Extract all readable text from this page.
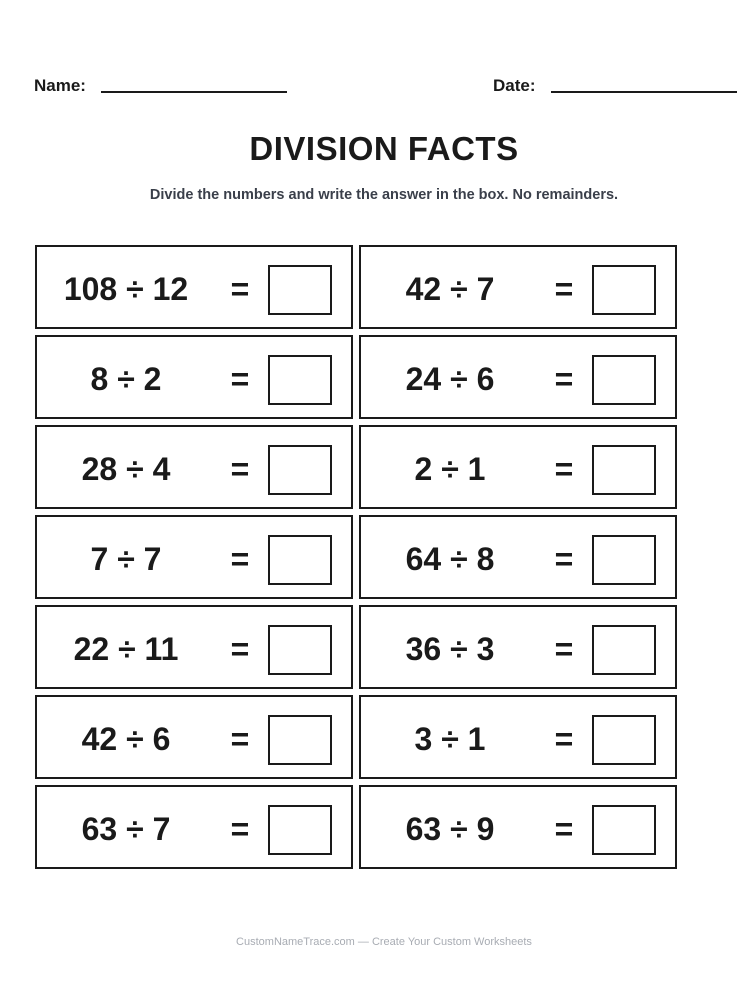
Name:	Date:
DIVISION FACTS
Divide the numbers and write the answer in the box. No remainders.
108 ÷ 12	=	42 ÷ 7	=
8 ÷ 2	=	24 ÷ 6	=
28 ÷ 4	=	2 ÷ 1	=
7 ÷ 7	=	64 ÷ 8	=
22 ÷ 11	=	36 ÷ 3	=
42 ÷ 6	=	3 ÷ 1	=
63 ÷ 7	=	63 ÷ 9	=
CustomNameTrace.com — Create Your Custom Worksheets
